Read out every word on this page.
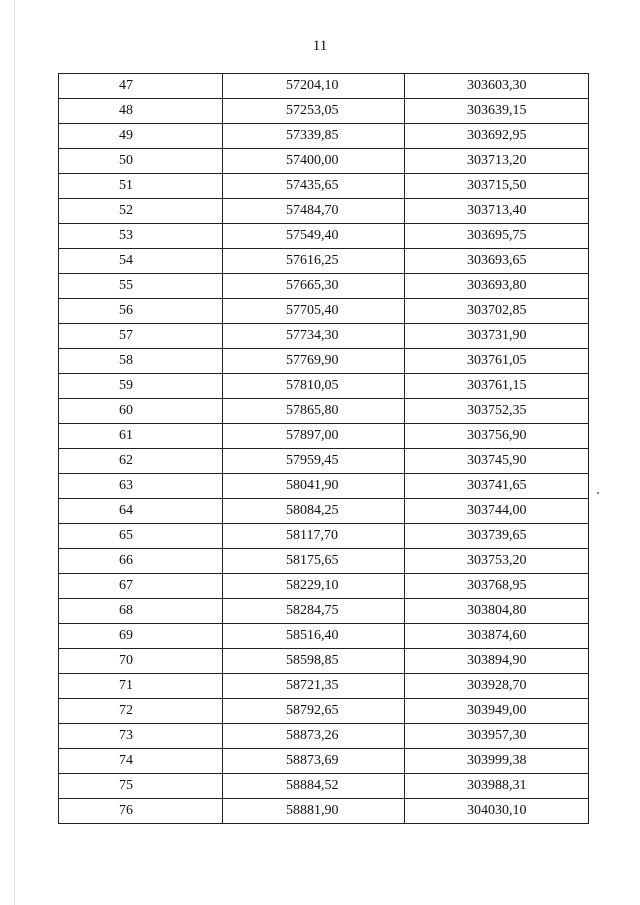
11
47	57204,10	303603,30
48	57253,05	303639,15
49	57339,85	303692,95
50	57400,00	303713,20
51	57435,65	303715,50
52	57484,70	303713,40
53	57549,40	303695,75
54	57616,25	303693,65
55	57665,30	303693,80
56	57705,40	303702,85
57	57734,30	303731,90
58	57769,90	303761,05
59	57810,05	303761,15
60	57865,80	303752,35
61	57897,00	303756,90
62	57959,45	303745,90
63	58041,90	303741,65
64	58084,25	303744,00
65	58117,70	303739,65
66	58175,65	303753,20
67	58229,10	303768,95
68	58284,75	303804,80
69	58516,40	303874,60
70	58598,85	303894,90
71	58721,35	303928,70
72	58792,65	303949,00
73	58873,26	303957,30
74	58873,69	303999,38
75	58884,52	303988,31
76	58881,90	304030,10
